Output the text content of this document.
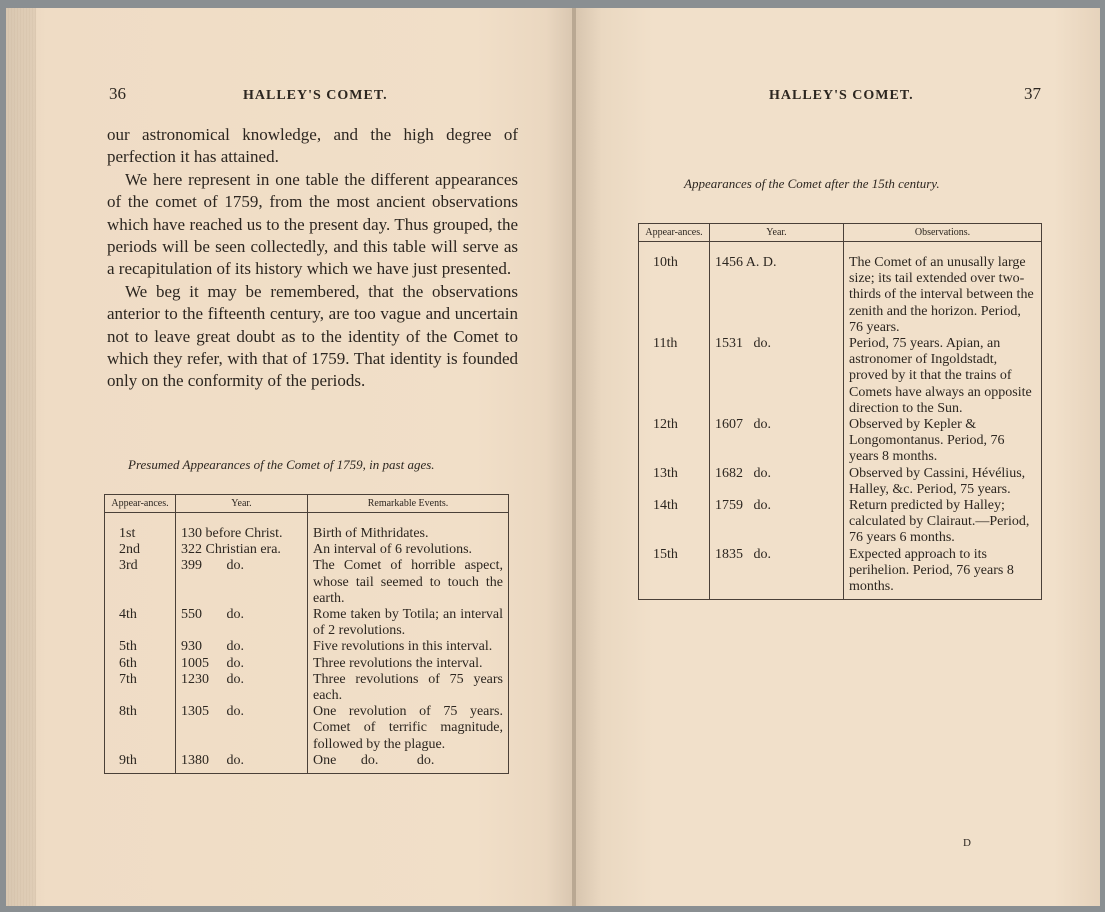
36	HALLEY'S COMET.

our astronomical knowledge, and the high degree of perfection it has attained.

We here represent in one table the different appearances of the comet of 1759, from the most ancient observations which have reached us to the present day. Thus grouped, the periods will be seen collectedly, and this table will serve as a recapitulation of its history which we have just presented.

We beg it may be remembered, that the observations anterior to the fifteenth century, are too vague and uncertain not to leave great doubt as to the identity of the Comet to which they refer, with that of 1759. That identity is founded only on the conformity of the periods.

Presumed Appearances of the Comet of 1759, in past ages.
Appear-ances.	Year.	Remarkable Events.

1st	130 before Christ.	Birth of Mithridates.
2nd	322 Christian era.	An interval of 6 revolutions.
3rd	399       do.	The Comet of horrible aspect, whose tail seemed to touch the earth.
4th	550       do.	Rome taken by Totila; an interval of 2 revolutions.
5th	930       do.	Five revolutions in this interval.
6th	1005     do.	Three revolutions the interval.
7th	1230     do.	Three revolutions of 75 years each.
8th	1305     do.	One revolution of 75 years. Comet of terrific magnitude, followed by the plague.
9th	1380     do.	One       do.           do.

HALLEY'S COMET.	37
Appearances of the Comet after the 15th century.
Appear-ances.	Year.	Observations.

10th	1456 A. D.	The Comet of an unusally large size; its tail extended over two-thirds of the interval between the zenith and the horizon. Period, 76 years.
11th	1531   do.	Period, 75 years. Apian, an astronomer of Ingoldstadt, proved by it that the trains of Comets have always an opposite direction to the Sun.
12th	1607   do.	Observed by Kepler & Longomontanus. Period, 76 years 8 months.
13th	1682   do.	Observed by Cassini, Hévélius, Halley, &c. Period, 75 years.
14th	1759   do.	Return predicted by Halley; calculated by Clairaut.—Period, 76 years 6 months.
15th	1835   do.	Expected approach to its perihelion. Period, 76 years 8 months.

D
